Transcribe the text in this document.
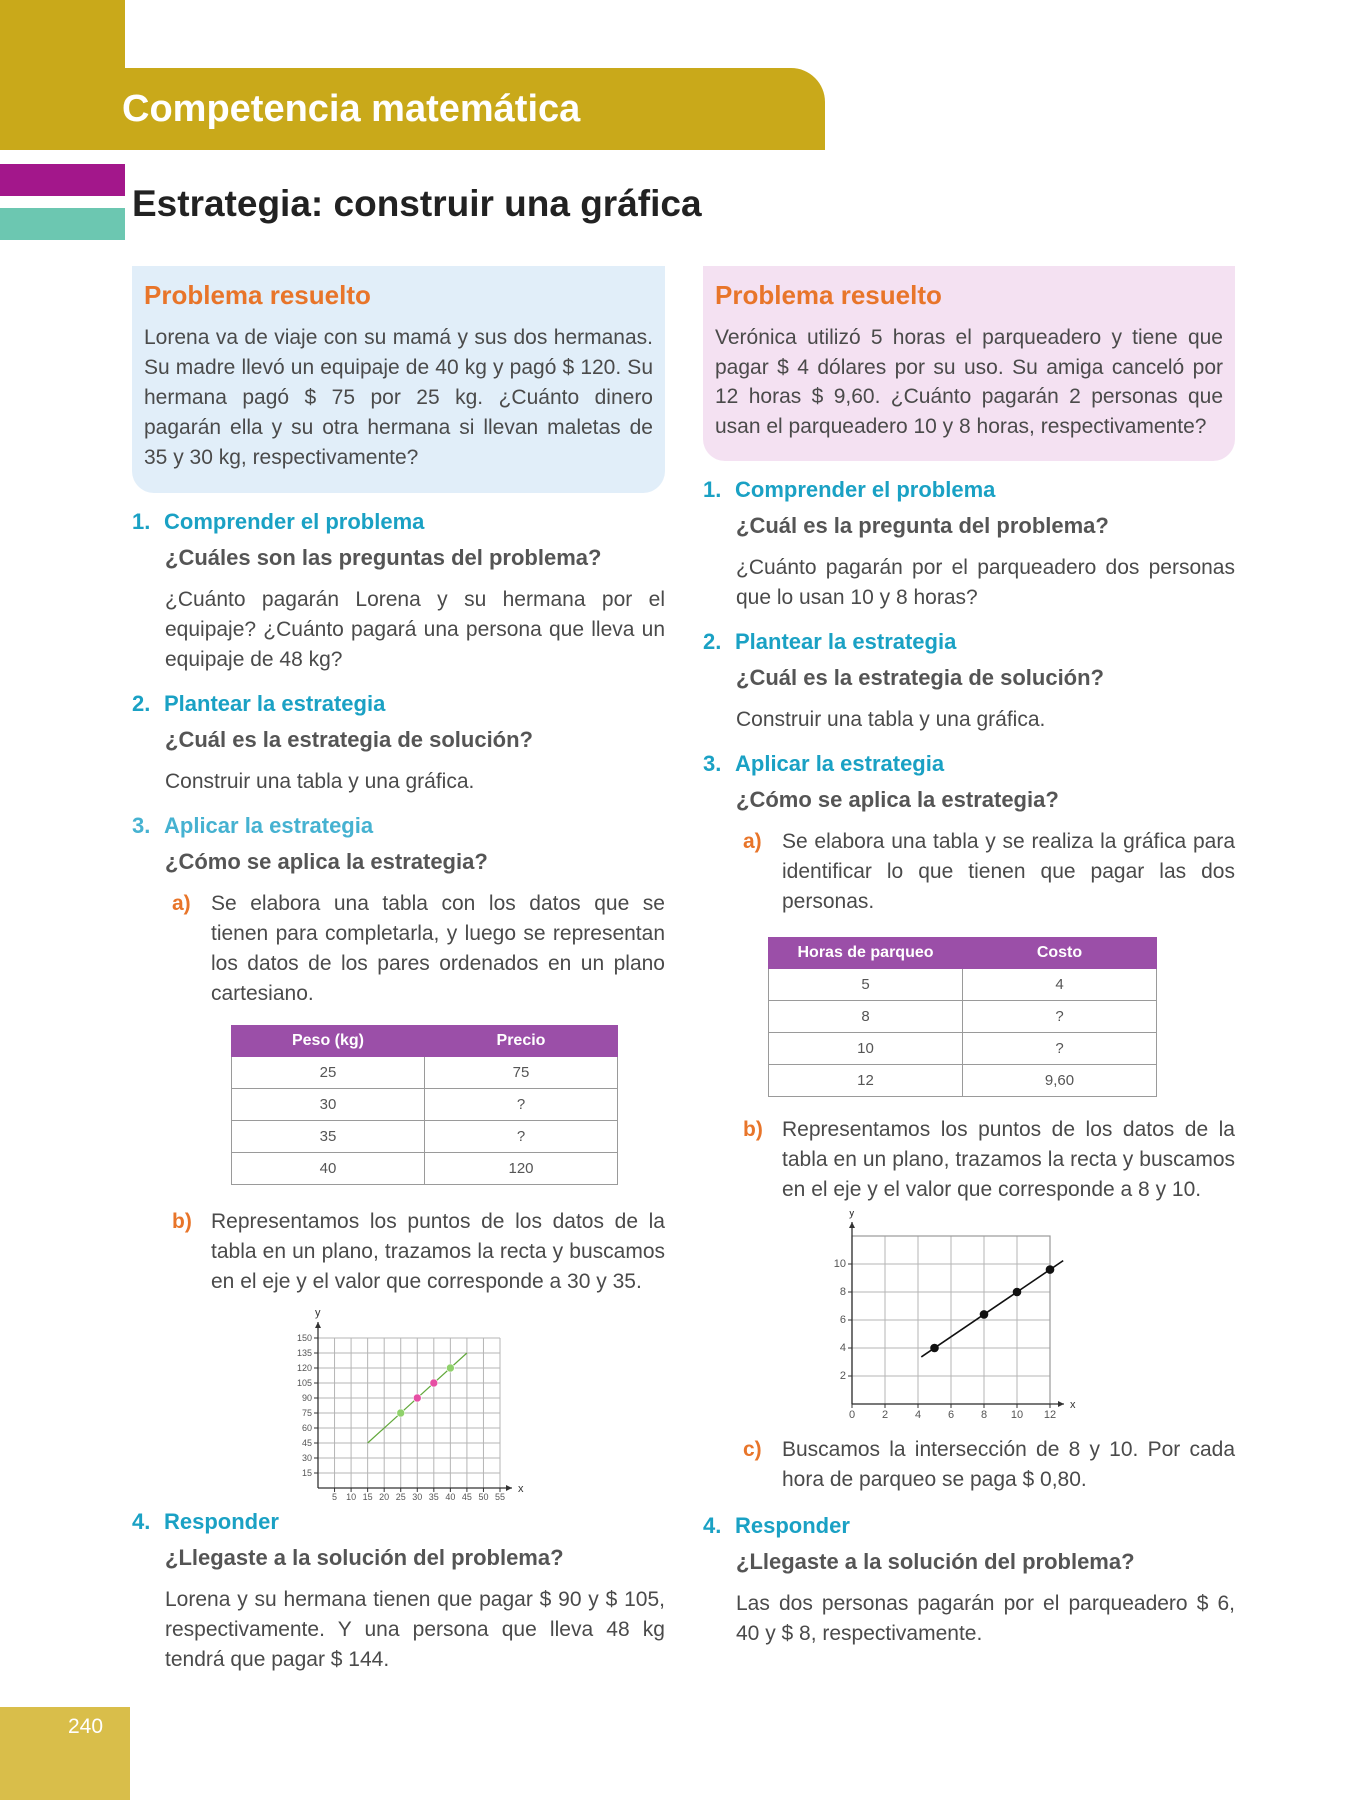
Competencia matemática
Estrategia: construir una gráfica
Problema resuelto
Lorena va de viaje con su mamá y sus dos hermanas. Su madre llevó un equipaje de 40 kg y pagó $ 120. Su hermana pagó $ 75 por 25 kg. ¿Cuánto dinero pagarán ella y su otra hermana si llevan maletas de 35 y 30 kg, respectivamente?
1. Comprender el problema
¿Cuáles son las preguntas del problema?
¿Cuánto pagarán Lorena y su hermana por el equipaje? ¿Cuánto pagará una persona que lleva un equipaje de 48 kg?
2. Plantear la estrategia
¿Cuál es la estrategia de solución?
Construir una tabla y una gráfica.
3. Aplicar la estrategia
¿Cómo se aplica la estrategia?
a) Se elabora una tabla con los datos que se tienen para completarla, y luego se representan los datos de los pares ordenados en un plano cartesiano.
Peso (kg)	Precio
25	75
30	?
35	?
40	120
b) Representamos los puntos de los datos de la tabla en un plano, trazamos la recta y buscamos en el eje y el valor que corresponde a 30 y 35.
x
y
5 10 15 20 25 30 35 40 45 50 55
15
30
45
60
75
90
105
120
135
150
4. Responder
¿Llegaste a la solución del problema?
Lorena y su hermana tienen que pagar $ 90 y $ 105, respectivamente. Y una persona que lleva 48 kg tendrá que pagar $ 144.
Problema resuelto
Verónica utilizó 5 horas el parqueadero y tiene que pagar $ 4 dólares por su uso. Su amiga canceló por 12 horas $ 9,60. ¿Cuánto pagarán 2 personas que usan el parqueadero 10 y 8 horas, respectivamente?
1. Comprender el problema
¿Cuál es la pregunta del problema?
¿Cuánto pagarán por el parqueadero dos personas que lo usan 10 y 8 horas?
2. Plantear la estrategia
¿Cuál es la estrategia de solución?
Construir una tabla y una gráfica.
3. Aplicar la estrategia
¿Cómo se aplica la estrategia?
a) Se elabora una tabla y se realiza la gráfica para identificar lo que tienen que pagar las dos personas.
Horas de parqueo	Costo
5	4
8	?
10	?
12	9,60
b) Representamos los puntos de los datos de la tabla en un plano, trazamos la recta y buscamos en el eje y el valor que corresponde a 8 y 10.
x
y
0 2 4 6 8 10 12
2
4
6
8
10
c) Buscamos la intersección de 8 y 10. Por cada hora de parqueo se paga $ 0,80.
4. Responder
¿Llegaste a la solución del problema?
Las dos personas pagarán por el parqueadero $ 6, 40 y $ 8, respectivamente.
240
